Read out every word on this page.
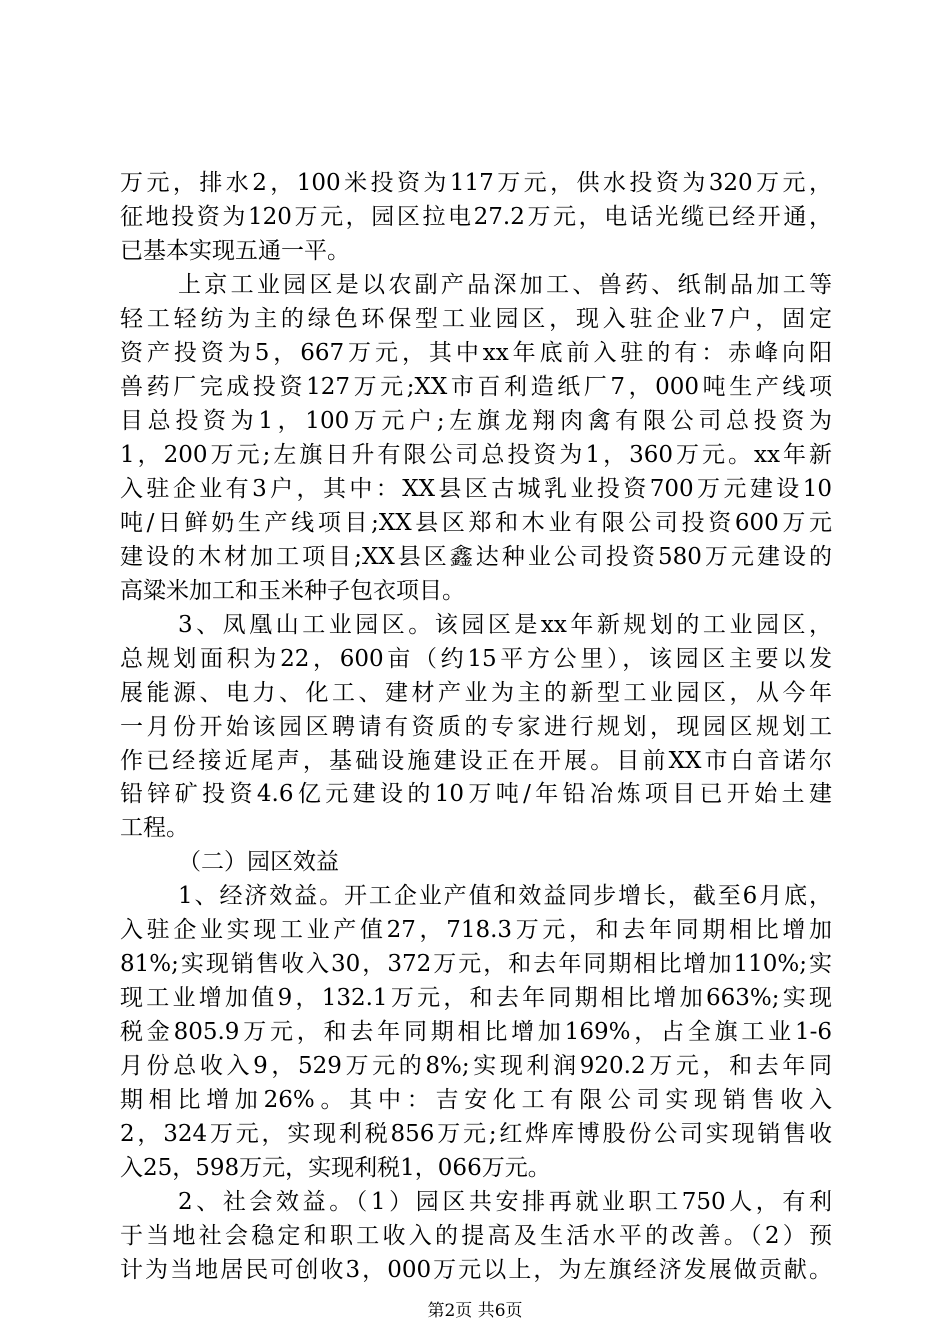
万元，排水2，100米投资为117万元，供水投资为320万元，
征地投资为120万元，园区拉电27.2万元，电话光缆已经开通，
已基本实现五通一平。
上京工业园区是以农副产品深加工、兽药、纸制品加工等
轻工轻纺为主的绿色环保型工业园区，现入驻企业7户，固定
资产投资为5，667万元，其中xx年底前入驻的有：赤峰向阳
兽药厂完成投资127万元;XX市百利造纸厂7，000吨生产线项
目总投资为1，100万元户;左旗龙翔肉禽有限公司总投资为
1，200万元;左旗日升有限公司总投资为1，360万元。xx年新
入驻企业有3户，其中：XX县区古城乳业投资700万元建设10
吨/日鲜奶生产线项目;XX县区郑和木业有限公司投资600万元
建设的木材加工项目;XX县区鑫达种业公司投资580万元建设的
高粱米加工和玉米种子包衣项目。
3、凤凰山工业园区。该园区是xx年新规划的工业园区，
总规划面积为22，600亩（约15平方公里），该园区主要以发
展能源、电力、化工、建材产业为主的新型工业园区，从今年
一月份开始该园区聘请有资质的专家进行规划，现园区规划工
作已经接近尾声，基础设施建设正在开展。目前XX市白音诺尔
铅锌矿投资4.6亿元建设的10万吨/年铅冶炼项目已开始土建
工程。
（二）园区效益
1、经济效益。开工企业产值和效益同步增长，截至6月底，
入驻企业实现工业产值27，718.3万元，和去年同期相比增加
81%;实现销售收入30，372万元，和去年同期相比增加110%;实
现工业增加值9，132.1万元，和去年同期相比增加663%;实现
税金805.9万元，和去年同期相比增加169%，占全旗工业1-6
月份总收入9，529万元的8%;实现利润920.2万元，和去年同
期相比增加26%。其中：吉安化工有限公司实现销售收入
2，324万元，实现利税856万元;红烨库博股份公司实现销售收
入25，598万元，实现利税1，066万元。
2、社会效益。（1）园区共安排再就业职工750人，有利
于当地社会稳定和职工收入的提高及生活水平的改善。（2）预
计为当地居民可创收3，000万元以上，为左旗经济发展做贡献。
第2页 共6页
